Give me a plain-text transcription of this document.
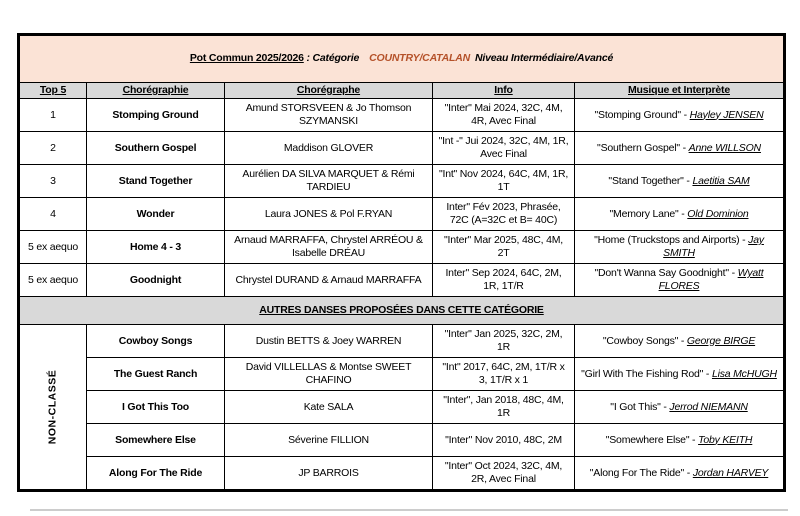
Pot Commun 2025/2026 : Catégorie COUNTRY/CATALAN Niveau Intermédiaire/Avancé				
Top 5	Chorégraphie	Chorégraphe	Info	Musique et Interprète
1	Stomping Ground	Amund STORSVEEN & Jo Thomson SZYMANSKI	"Inter" Mai 2024, 32C, 4M, 4R, Avec Final	"Stomping Ground" - Hayley JENSEN
2	Southern Gospel	Maddison GLOVER	"Int -" Jui 2024, 32C, 4M, 1R, Avec Final	"Southern Gospel" - Anne WILLSON
3	Stand Together	Aurélien DA SILVA MARQUET & Rémi TARDIEU	"Int" Nov 2024, 64C, 4M, 1R, 1T	"Stand Together" - Laetitia SAM
4	Wonder	Laura JONES & Pol F.RYAN	Inter" Fév 2023, Phrasée, 72C (A=32C et B= 40C)	"Memory Lane" - Old Dominion
5 ex aequo	Home 4 - 3	Arnaud MARRAFFA, Chrystel ARRÉOU & Isabelle DRÉAU	"Inter" Mar 2025, 48C, 4M, 2T	"Home (Truckstops and Airports) - Jay SMITH
5 ex aequo	Goodnight	Chrystel DURAND & Arnaud MARRAFFA	Inter" Sep 2024, 64C, 2M, 1R, 1T/R	"Don't Wanna Say Goodnight" - Wyatt FLORES
AUTRES DANSES PROPOSÉES DANS CETTE CATÉGORIE				

NON-CLASSÉ	Cowboy Songs	Dustin BETTS & Joey WARREN	"Inter" Jan 2025, 32C, 2M, 1R	"Cowboy Songs" - George BIRGE
	The Guest Ranch	David VILLELLAS & Montse SWEET CHAFINO	"Int" 2017, 64C, 2M, 1T/R x 3, 1T/R x 1	"Girl With The Fishing Rod" - Lisa McHUGH
	I Got This Too	Kate SALA	"Inter", Jan 2018, 48C, 4M, 1R	"I Got This" - Jerrod NIEMANN
	Somewhere Else	Séverine FILLION	"Inter" Nov 2010, 48C, 2M	"Somewhere Else" - Toby KEITH
	Along For The Ride	JP BARROIS	"Inter" Oct 2024, 32C, 4M, 2R, Avec Final	"Along For The Ride" - Jordan HARVEY
